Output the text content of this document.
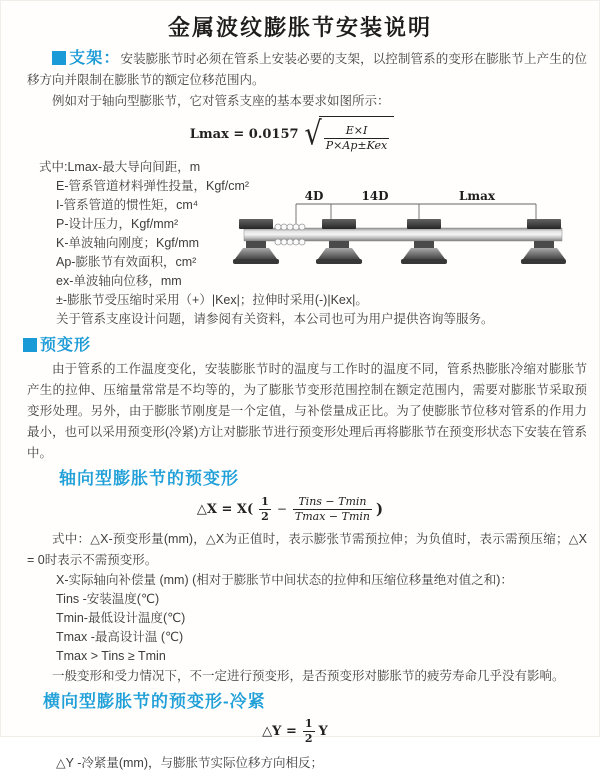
金属波纹膨胀节安装说明

支架：安装膨胀节时必须在管系上安装必要的支架，以控制管系的变形在膨胀节上产生的位移方向并限制在膨胀节的额定位移范围内。

例如对于轴向型膨胀节，它对管系支座的基本要求如图所示：

Lmax = 0.0157 √ $\frac{E\times I}{\text{P×Ap±Kex}}$
式中:Lmax-最大导向间距，m
E-管系管道材料弹性投量，Kgf/cm²
I-管系管道的惯性矩，cm⁴
P-设计压力，Kgf/mm²
K-单波轴向刚度；Kgf/mm
Ap-膨胀节有效面积，cm²
ex-单波轴向位移，mm
±-膨胀节受压缩时采用（+）|Kex|；拉伸时采用(-)|Kex|。
关于管系支座设计问题，请参阅有关资料，本公司也可为用户提供咨询等服务。
4D	14D	Lmax
预变形

由于管系的工作温度变化，安装膨胀节时的温度与工作时的温度不同，管系热膨胀冷缩对膨胀节产生的拉伸、压缩量常常是不均等的，为了膨胀节变形范围控制在额定范围内，需要对膨胀节采取预变形处理。另外，由于膨胀节刚度是一个定值，与补偿量成正比。为了使膨胀节位移对管系的作用力最小，也可以采用预变形(冷紧)方让对膨胀节进行预变形处理后再将膨胀节在预变形状态下安装在管系中。

轴向型膨胀节的预变形
△X = $X( \frac{1}{2} - \frac{\text{Tins − Tmin}}{Tmax - Tmin}$ )

式中：△X-预变形量(mm)，△X为正值时，表示膨张节需预拉伸；为负值时，表示需预压缩；△X = 0时表示不需预变形。

X-实际轴向补偿量 (mm) (相对于膨胀节中间状态的拉伸和压缩位移量绝对值之和)：
Tins -安装温度(℃)
Tmin-最低设计温度(℃)
Tmax -最高设计温 (℃)
Tmax > Tins ≥ Tmin

一般变形和受力情况下，不一定进行预变形，是否预变形对膨胀节的疲劳寿命几乎没有影响。

横向型膨胀节的预变形-冷紧
△Y = $\frac{1}{2}$ Y

△Y -冷紧量(mm)，与膨胀节实际位移方向相反；
